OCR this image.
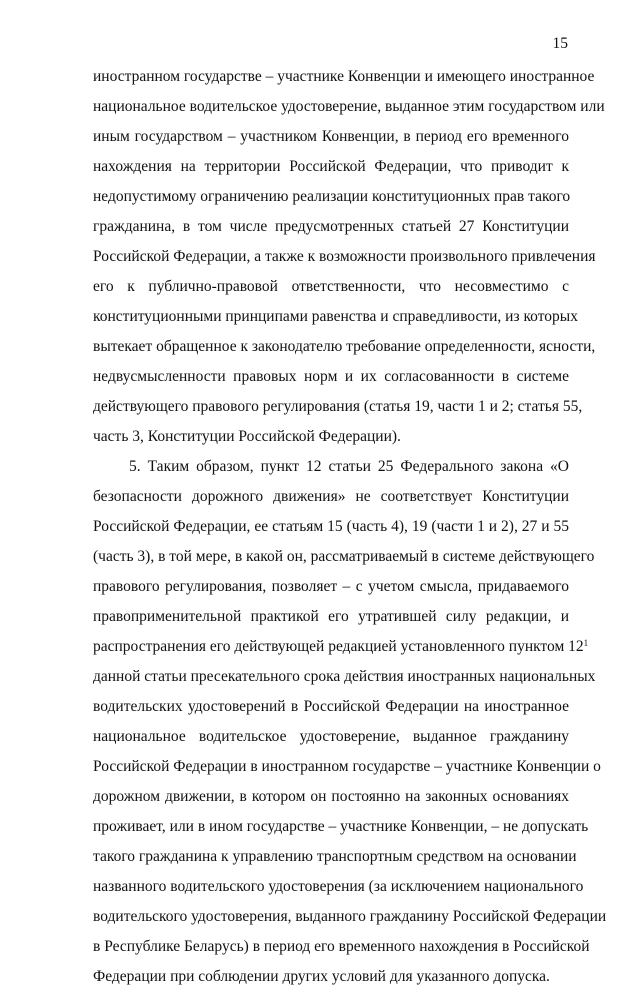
15
иностранном государстве – участнике Конвенции и имеющего иностранное
национальное водительское удостоверение, выданное этим государством или
иным государством – участником Конвенции, в период его временного
нахождения на территории Российской Федерации, что приводит к
недопустимому ограничению реализации конституционных прав такого
гражданина, в том числе предусмотренных статьей 27 Конституции
Российской Федерации, а также к возможности произвольного привлечения
его к публично-правовой ответственности, что несовместимо с
конституционными принципами равенства и справедливости, из которых
вытекает обращенное к законодателю требование определенности, ясности,
недвусмысленности правовых норм и их согласованности в системе
действующего правового регулирования (статья 19, части 1 и 2; статья 55,
часть 3, Конституции Российской Федерации).
5. Таким образом, пункт 12 статьи 25 Федерального закона «О
безопасности дорожного движения» не соответствует Конституции
Российской Федерации, ее статьям 15 (часть 4), 19 (части 1 и 2), 27 и 55
(часть 3), в той мере, в какой он, рассматриваемый в системе действующего
правового регулирования, позволяет – с учетом смысла, придаваемого
правоприменительной практикой его утратившей силу редакции, и
распространения его действующей редакцией установленного пунктом $12^1$
данной статьи пресекательного срока действия иностранных национальных
водительских удостоверений в Российской Федерации на иностранное
национальное водительское удостоверение, выданное гражданину
Российской Федерации в иностранном государстве – участнике Конвенции о
дорожном движении, в котором он постоянно на законных основаниях
проживает, или в ином государстве – участнике Конвенции, – не допускать
такого гражданина к управлению транспортным средством на основании
названного водительского удостоверения (за исключением национального
водительского удостоверения, выданного гражданину Российской Федерации
в Республике Беларусь) в период его временного нахождения в Российской
Федерации при соблюдении других условий для указанного допуска.
